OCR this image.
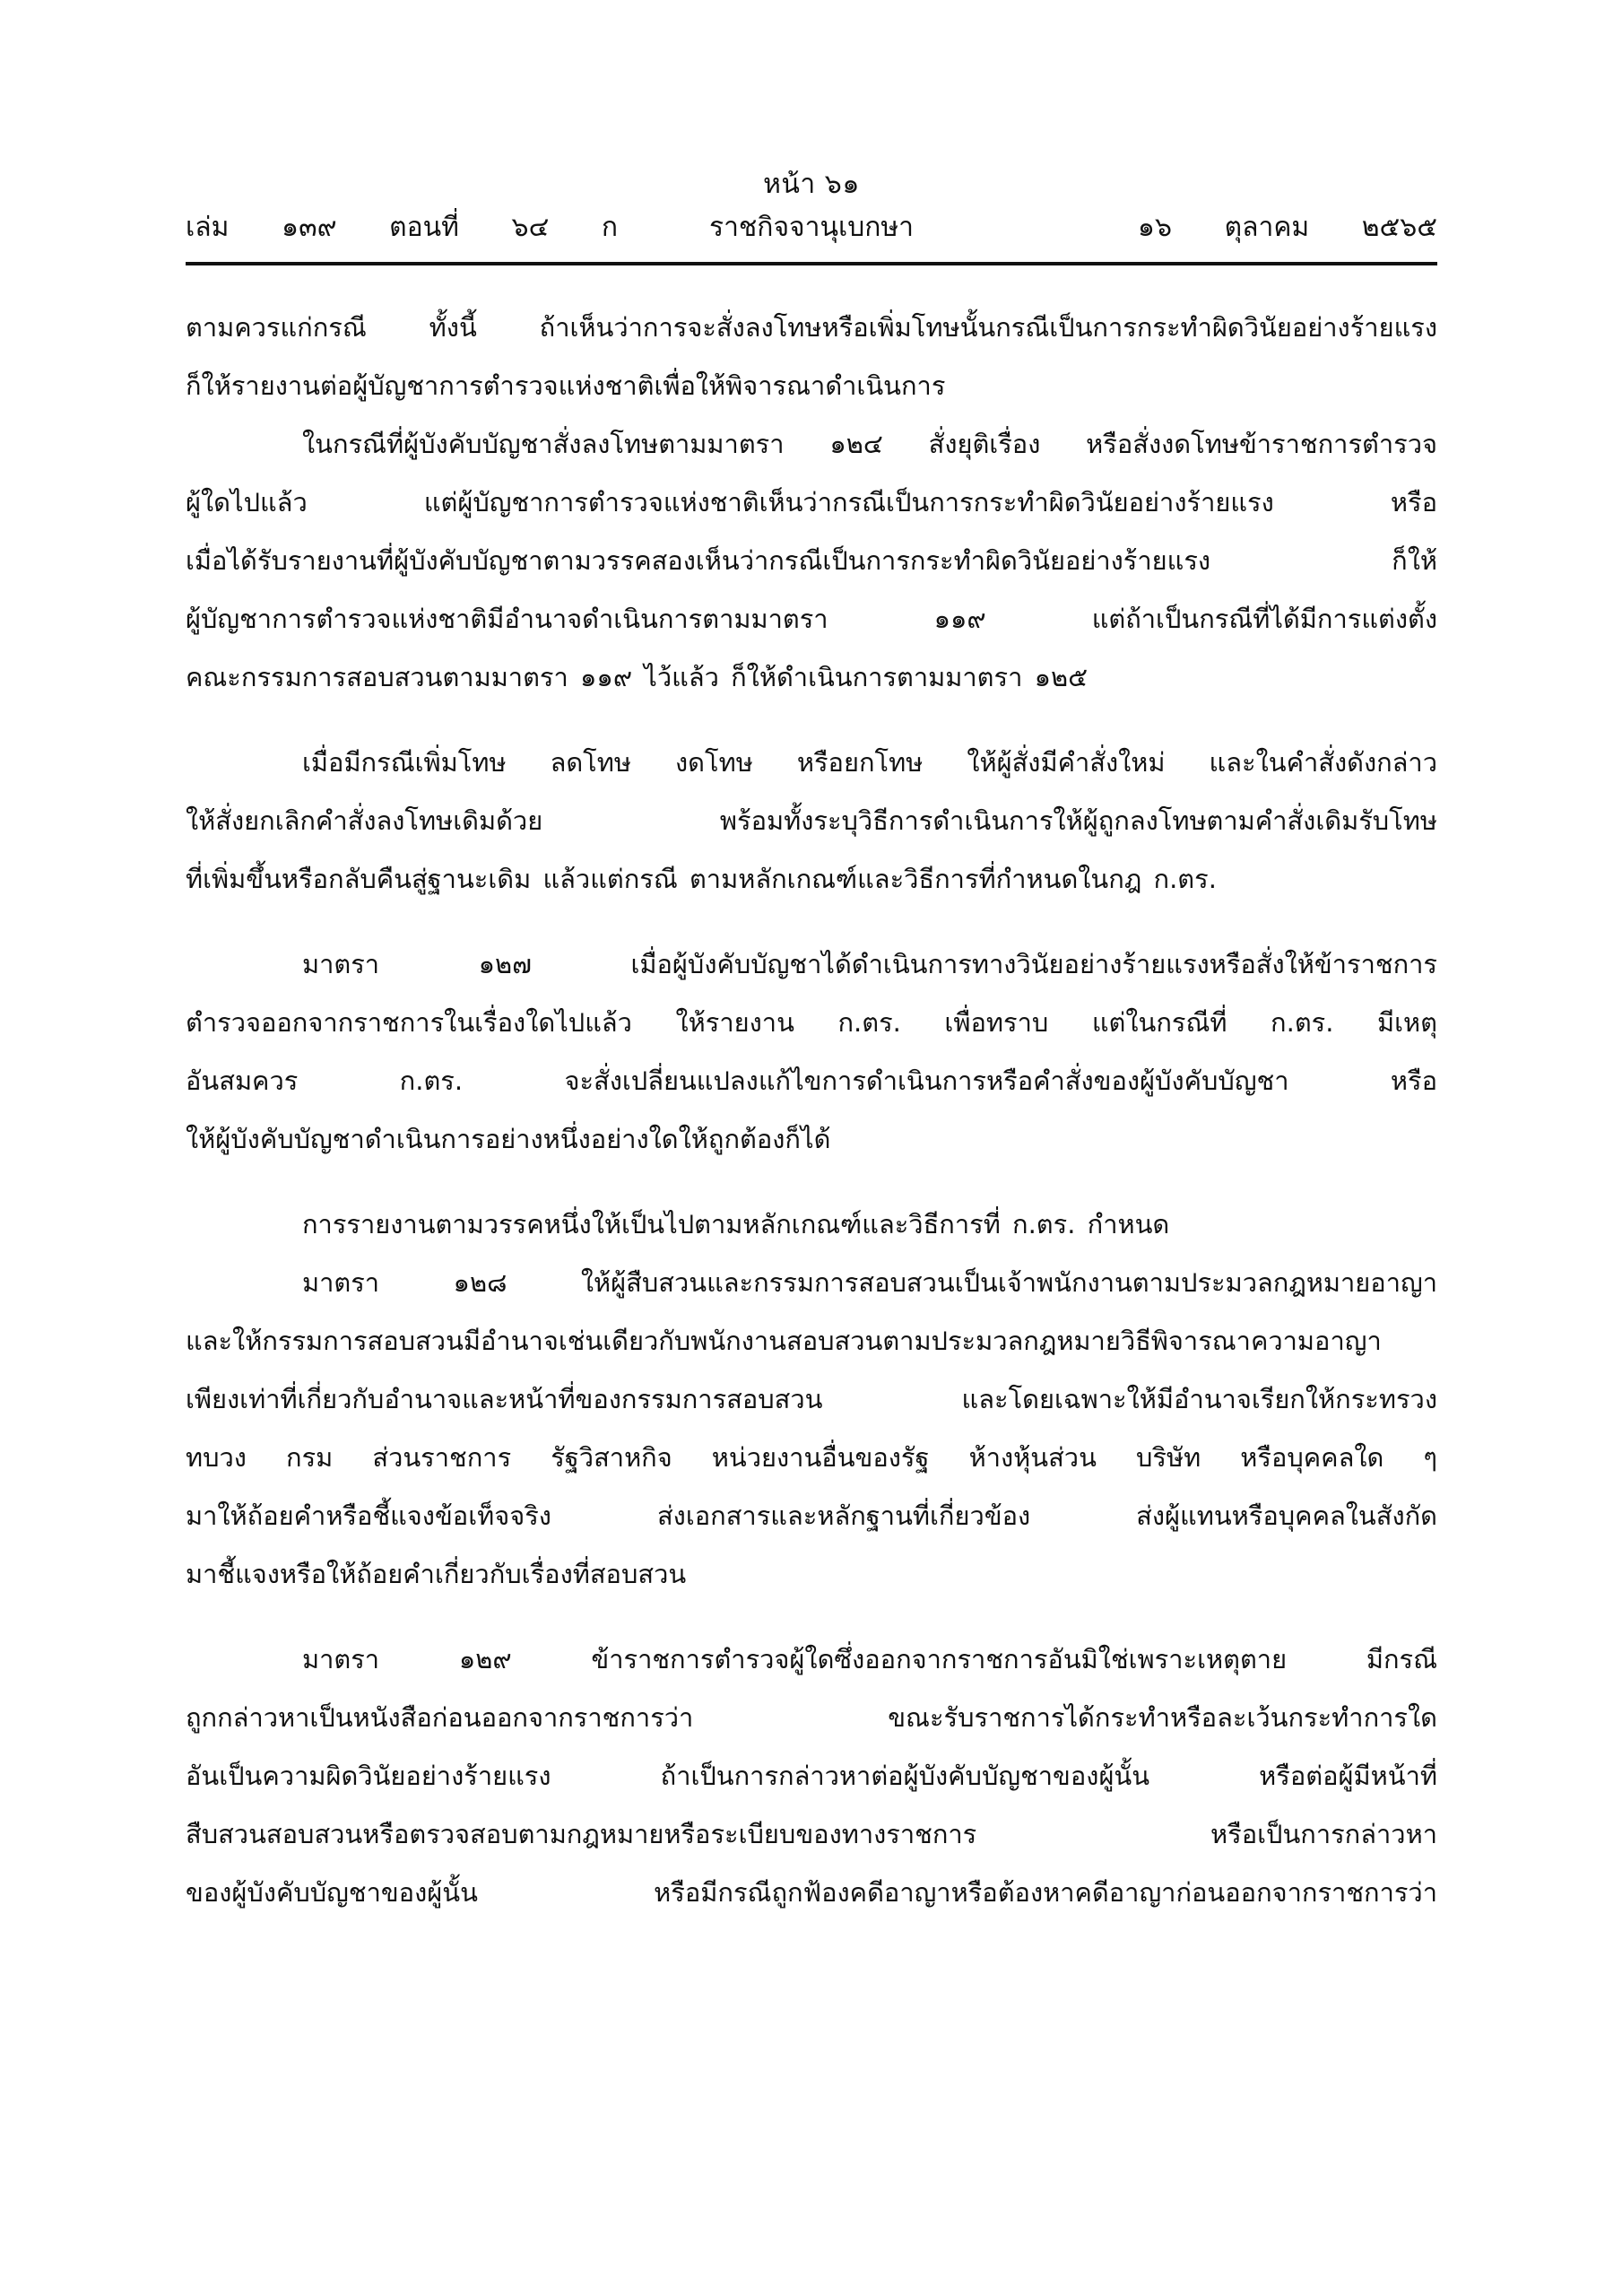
หน้า ๖๑
เล่ม   ๑๓๙   ตอนที่   ๖๔   ก	ราชกิจจานุเบกษา	๑๖   ตุลาคม   ๒๕๖๕
ตามควรแก่กรณี ทั้งนี้ ถ้าเห็นว่าการจะสั่งลงโทษหรือเพิ่มโทษนั้นกรณีเป็นการกระทำผิดวินัยอย่างร้ายแรง
ก็ให้รายงานต่อผู้บัญชาการตำรวจแห่งชาติเพื่อให้พิจารณาดำเนินการ
ในกรณีที่ผู้บังคับบัญชาสั่งลงโทษตามมาตรา ๑๒๔ สั่งยุติเรื่อง หรือสั่งงดโทษข้าราชการตำรวจ
ผู้ใดไปแล้ว แต่ผู้บัญชาการตำรวจแห่งชาติเห็นว่ากรณีเป็นการกระทำผิดวินัยอย่างร้ายแรง หรือ
เมื่อได้รับรายงานที่ผู้บังคับบัญชาตามวรรคสองเห็นว่ากรณีเป็นการกระทำผิดวินัยอย่างร้ายแรง ก็ให้
ผู้บัญชาการตำรวจแห่งชาติมีอำนาจดำเนินการตามมาตรา ๑๑๙ แต่ถ้าเป็นกรณีที่ได้มีการแต่งตั้ง
คณะกรรมการสอบสวนตามมาตรา ๑๑๙ ไว้แล้ว ก็ให้ดำเนินการตามมาตรา ๑๒๕
เมื่อมีกรณีเพิ่มโทษ ลดโทษ งดโทษ หรือยกโทษ ให้ผู้สั่งมีคำสั่งใหม่ และในคำสั่งดังกล่าว
ให้สั่งยกเลิกคำสั่งลงโทษเดิมด้วย พร้อมทั้งระบุวิธีการดำเนินการให้ผู้ถูกลงโทษตามคำสั่งเดิมรับโทษ
ที่เพิ่มขึ้นหรือกลับคืนสู่ฐานะเดิม แล้วแต่กรณี ตามหลักเกณฑ์และวิธีการที่กำหนดในกฎ ก.ตร.
มาตรา ๑๒๗ เมื่อผู้บังคับบัญชาได้ดำเนินการทางวินัยอย่างร้ายแรงหรือสั่งให้ข้าราชการ
ตำรวจออกจากราชการในเรื่องใดไปแล้ว ให้รายงาน ก.ตร. เพื่อทราบ แต่ในกรณีที่ ก.ตร. มีเหตุ
อันสมควร ก.ตร. จะสั่งเปลี่ยนแปลงแก้ไขการดำเนินการหรือคำสั่งของผู้บังคับบัญชา หรือ
ให้ผู้บังคับบัญชาดำเนินการอย่างหนึ่งอย่างใดให้ถูกต้องก็ได้
การรายงานตามวรรคหนึ่งให้เป็นไปตามหลักเกณฑ์และวิธีการที่ ก.ตร. กำหนด
มาตรา ๑๒๘ ให้ผู้สืบสวนและกรรมการสอบสวนเป็นเจ้าพนักงานตามประมวลกฎหมายอาญา
และให้กรรมการสอบสวนมีอำนาจเช่นเดียวกับพนักงานสอบสวนตามประมวลกฎหมายวิธีพิจารณาความอาญา
เพียงเท่าที่เกี่ยวกับอำนาจและหน้าที่ของกรรมการสอบสวน และโดยเฉพาะให้มีอำนาจเรียกให้กระทรวง
ทบวง กรม ส่วนราชการ รัฐวิสาหกิจ หน่วยงานอื่นของรัฐ ห้างหุ้นส่วน บริษัท หรือบุคคลใด ๆ
มาให้ถ้อยคำหรือชี้แจงข้อเท็จจริง ส่งเอกสารและหลักฐานที่เกี่ยวข้อง ส่งผู้แทนหรือบุคคลในสังกัด
มาชี้แจงหรือให้ถ้อยคำเกี่ยวกับเรื่องที่สอบสวน
มาตรา ๑๒๙ ข้าราชการตำรวจผู้ใดซึ่งออกจากราชการอันมิใช่เพราะเหตุตาย มีกรณี
ถูกกล่าวหาเป็นหนังสือก่อนออกจากราชการว่า ขณะรับราชการได้กระทำหรือละเว้นกระทำการใด
อันเป็นความผิดวินัยอย่างร้ายแรง ถ้าเป็นการกล่าวหาต่อผู้บังคับบัญชาของผู้นั้น หรือต่อผู้มีหน้าที่
สืบสวนสอบสวนหรือตรวจสอบตามกฎหมายหรือระเบียบของทางราชการ หรือเป็นการกล่าวหา
ของผู้บังคับบัญชาของผู้นั้น หรือมีกรณีถูกฟ้องคดีอาญาหรือต้องหาคดีอาญาก่อนออกจากราชการว่า
